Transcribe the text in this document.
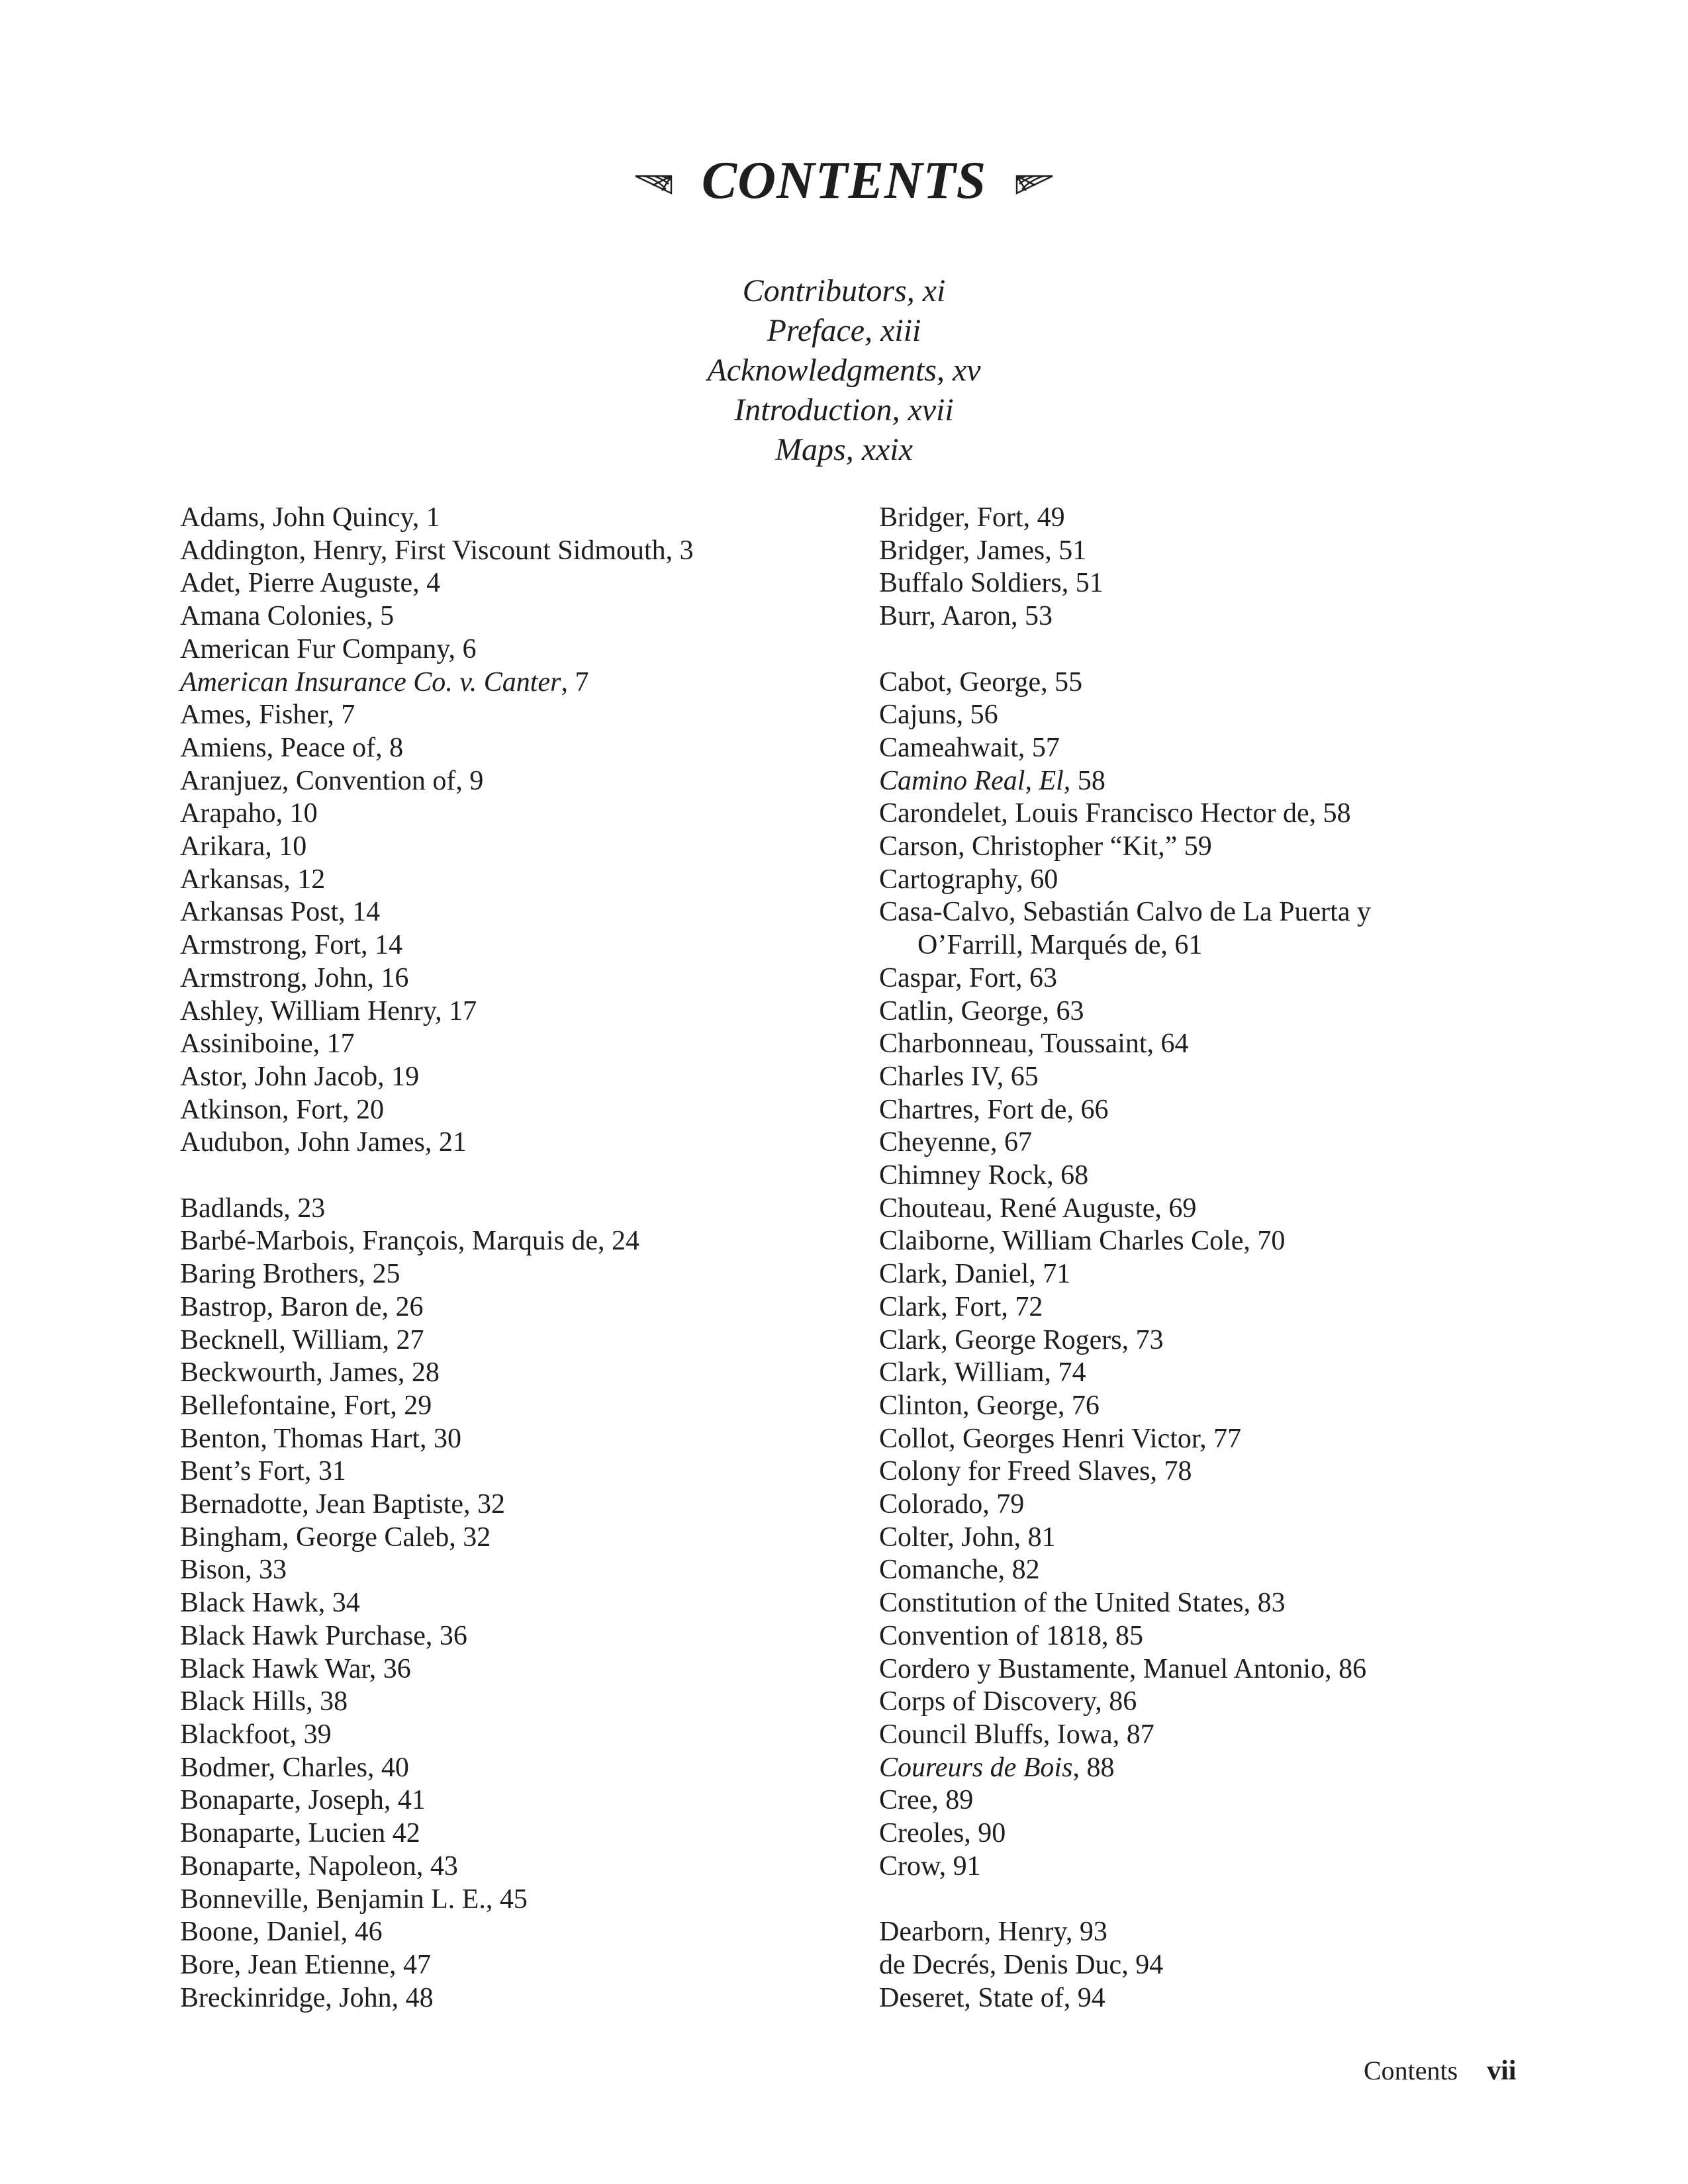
CONTENTS
Contributors, xi
Preface, xiii
Acknowledgments, xv
Introduction, xvii
Maps, xxix
Adams, John Quincy, 1
Addington, Henry, First Viscount Sidmouth, 3
Adet, Pierre Auguste, 4
Amana Colonies, 5
American Fur Company, 6
American Insurance Co. v. Canter, 7
Ames, Fisher, 7
Amiens, Peace of, 8
Aranjuez, Convention of, 9
Arapaho, 10
Arikara, 10
Arkansas, 12
Arkansas Post, 14
Armstrong, Fort, 14
Armstrong, John, 16
Ashley, William Henry, 17
Assiniboine, 17
Astor, John Jacob, 19
Atkinson, Fort, 20
Audubon, John James, 21
Badlands, 23
Barbé-Marbois, François, Marquis de, 24
Baring Brothers, 25
Bastrop, Baron de, 26
Becknell, William, 27
Beckwourth, James, 28
Bellefontaine, Fort, 29
Benton, Thomas Hart, 30
Bent’s Fort, 31
Bernadotte, Jean Baptiste, 32
Bingham, George Caleb, 32
Bison, 33
Black Hawk, 34
Black Hawk Purchase, 36
Black Hawk War, 36
Black Hills, 38
Blackfoot, 39
Bodmer, Charles, 40
Bonaparte, Joseph, 41
Bonaparte, Lucien 42
Bonaparte, Napoleon, 43
Bonneville, Benjamin L. E., 45
Boone, Daniel, 46
Bore, Jean Etienne, 47
Breckinridge, John, 48
Bridger, Fort, 49
Bridger, James, 51
Buffalo Soldiers, 51
Burr, Aaron, 53
Cabot, George, 55
Cajuns, 56
Cameahwait, 57
Camino Real, El, 58
Carondelet, Louis Francisco Hector de, 58
Carson, Christopher “Kit,” 59
Cartography, 60
Casa-Calvo, Sebastián Calvo de La Puerta y O’Farrill, Marqués de, 61
Caspar, Fort, 63
Catlin, George, 63
Charbonneau, Toussaint, 64
Charles IV, 65
Chartres, Fort de, 66
Cheyenne, 67
Chimney Rock, 68
Chouteau, René Auguste, 69
Claiborne, William Charles Cole, 70
Clark, Daniel, 71
Clark, Fort, 72
Clark, George Rogers, 73
Clark, William, 74
Clinton, George, 76
Collot, Georges Henri Victor, 77
Colony for Freed Slaves, 78
Colorado, 79
Colter, John, 81
Comanche, 82
Constitution of the United States, 83
Convention of 1818, 85
Cordero y Bustamente, Manuel Antonio, 86
Corps of Discovery, 86
Council Bluffs, Iowa, 87
Coureurs de Bois, 88
Cree, 89
Creoles, 90
Crow, 91
Dearborn, Henry, 93
de Decrés, Denis Duc, 94
Deseret, State of, 94
Contents vii
